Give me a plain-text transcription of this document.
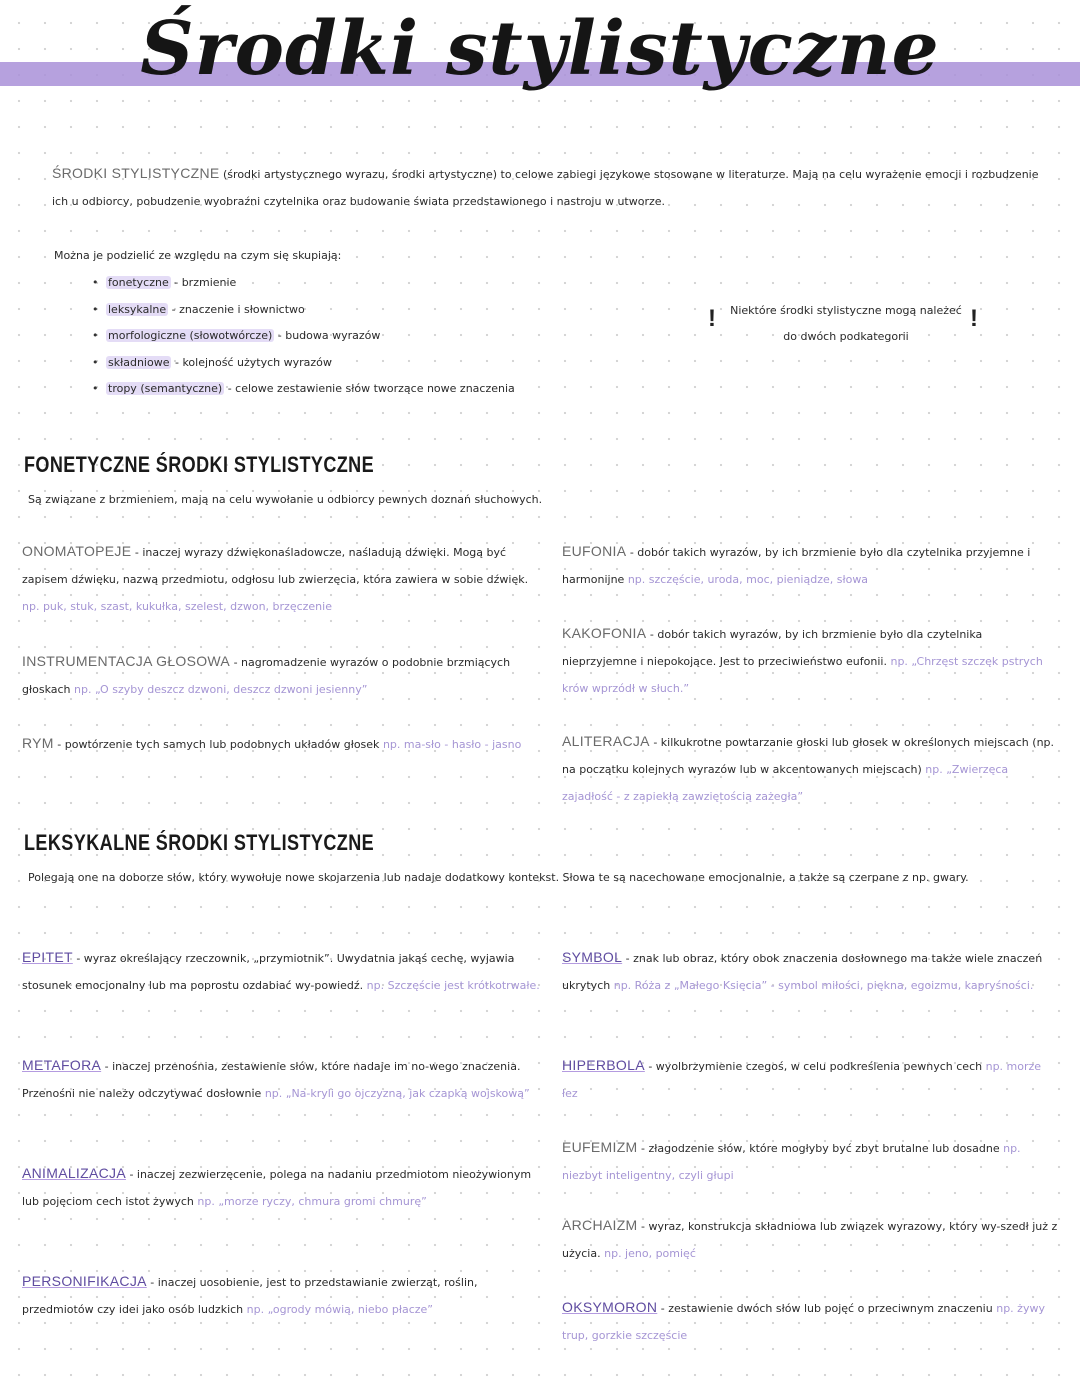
Środki stylistyczne
ŚRODKI STYLISTYCZNE (środki artystycznego wyrazu, środki artystyczne) to celowe zabiegi językowe stosowane w literaturze. Mają na celu wyrażenie emocji i rozbudzenie ich u odbiorcy, pobudzenie wyobraźni czytelnika oraz budowanie świata przedstawionego i nastroju w utworze.
Można je podzielić ze względu na czym się skupiają:
• fonetyczne - brzmienie
• leksykalne - znaczenie i słownictwo
• morfologiczne (słowotwórcze) - budowa wyrazów
• składniowe - kolejność użytych wyrazów
• tropy (semantyczne) - celowe zestawienie słów tworzące nowe znaczenia
!	Niektóre środki stylistyczne mogą należeć do dwóch podkategorii
!
FONETYCZNE ŚRODKI STYLISTYCZNE
Są związane z brzmieniem, mają na celu wywołanie u odbiorcy pewnych doznań słuchowych.
ONOMATOPEJE - inaczej wyrazy dźwiękonaśladowcze, naśladują dźwięki. Mogą być zapisem dźwięku, nazwą przedmiotu, odgłosu lub zwierzęcia, która zawiera w sobie dźwięk. np. puk, stuk, szast, kukułka, szelest, dzwon, brzęczenie
INSTRUMENTACJA GŁOSOWA - nagromadzenie wyrazów o podobnie brzmiących głoskach np. „O szyby deszcz dzwoni, deszcz dzwoni jesienny”
RYM - powtórzenie tych samych lub podobnych układów głosek np. ma-sło - hasło - jasno
EUFONIA - dobór takich wyrazów, by ich brzmienie było dla czytelnika przyjemne i harmonijne np. szczęście, uroda, moc, pieniądze, słowa
KAKOFONIA - dobór takich wyrazów, by ich brzmienie było dla czytelnika nieprzyjemne i niepokojące. Jest to przeciwieństwo eufonii. np. „Chrzęst szczęk pstrych krów wprzódł w słuch.”
ALITERACJA - kilkukrotne powtarzanie głoski lub głosek w określonych miejscach (np. na początku kolejnych wyrazów lub w akcentowanych miejscach) np. „Zwierzęca zajadłość - z zapiekłą zawziętością zażegła”
LEKSYKALNE ŚRODKI STYLISTYCZNE
Polegają one na doborze słów, który wywołuje nowe skojarzenia lub nadaje dodatkowy kontekst. Słowa te są nacechowane emocjonalnie, a także są czerpane z np. gwary.
EPITET - wyraz określający rzeczownik, „przymiotnik”. Uwydatnia jakąś cechę, wyjawia stosunek emocjonalny lub ma poprostu ozdabiać wy-powiedź. np. Szczęście jest krótkotrwałe.
METAFORA - inaczej przenośnia, zestawienie słów, które nadaje im no-wego znaczenia. Przenośni nie należy odczytywać dosłownie np. „Na-kryli go ojczyzną, jak czapką wojskową”
ANIMALIZACJA - inaczej zezwierzęcenie, polega na nadaniu przedmiotom nieożywionym lub pojęciom cech istot żywych np. „morze ryczy, chmura gromi chmurę”
PERSONIFIKACJA - inaczej uosobienie, jest to przedstawianie zwierząt, roślin, przedmiotów czy idei jako osób ludzkich np. „ogrody mówią, niebo płacze”
SYMBOL - znak lub obraz, który obok znaczenia dosłownego ma także wiele znaczeń ukrytych np. Róża z „Małego Księcia” - symbol miłości, piękna, egoizmu, kapryśności.
HIPERBOLA - wyolbrzymienie czegoś, w celu podkreślenia pewnych cech np. morze łez
EUFEMIZM - złagodzenie słów, które mogłyby być zbyt brutalne lub dosadne np. niezbyt inteligentny, czyli głupi
ARCHAIZM - wyraz, konstrukcja składniowa lub związek wyrazowy, który wy-szedł już z użycia. np. jeno, pomięć
OKSYMORON - zestawienie dwóch słów lub pojęć o przeciwnym znaczeniu np. żywy trup, gorzkie szczęście
